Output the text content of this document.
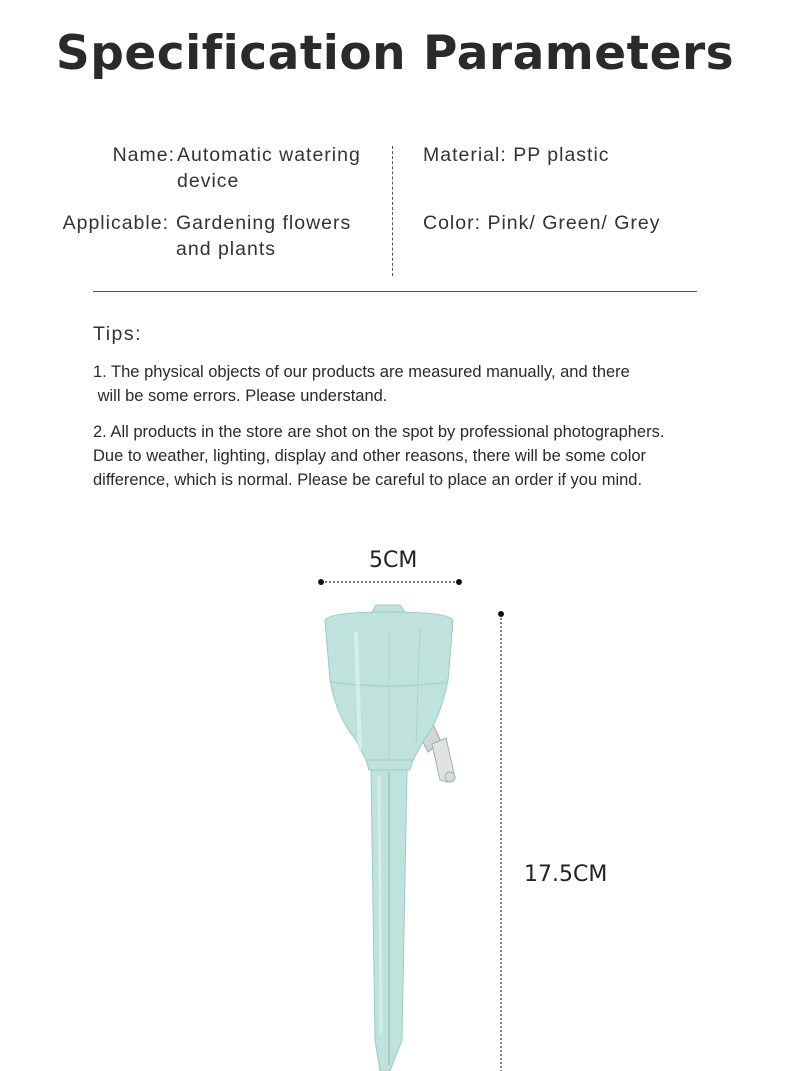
Specification Parameters
Name: Automatic watering
device
Applicable: Gardening flowers
and plants
Material: PP plastic
Color: Pink/ Green/ Grey
Tips:
1. The physical objects of our products are measured manually, and there
will be some errors. Please understand.
2. All products in the store are shot on the spot by professional photographers.
Due to weather, lighting, display and other reasons, there will be some color
difference, which is normal. Please be careful to place an order if you mind.
5CM
17.5CM
